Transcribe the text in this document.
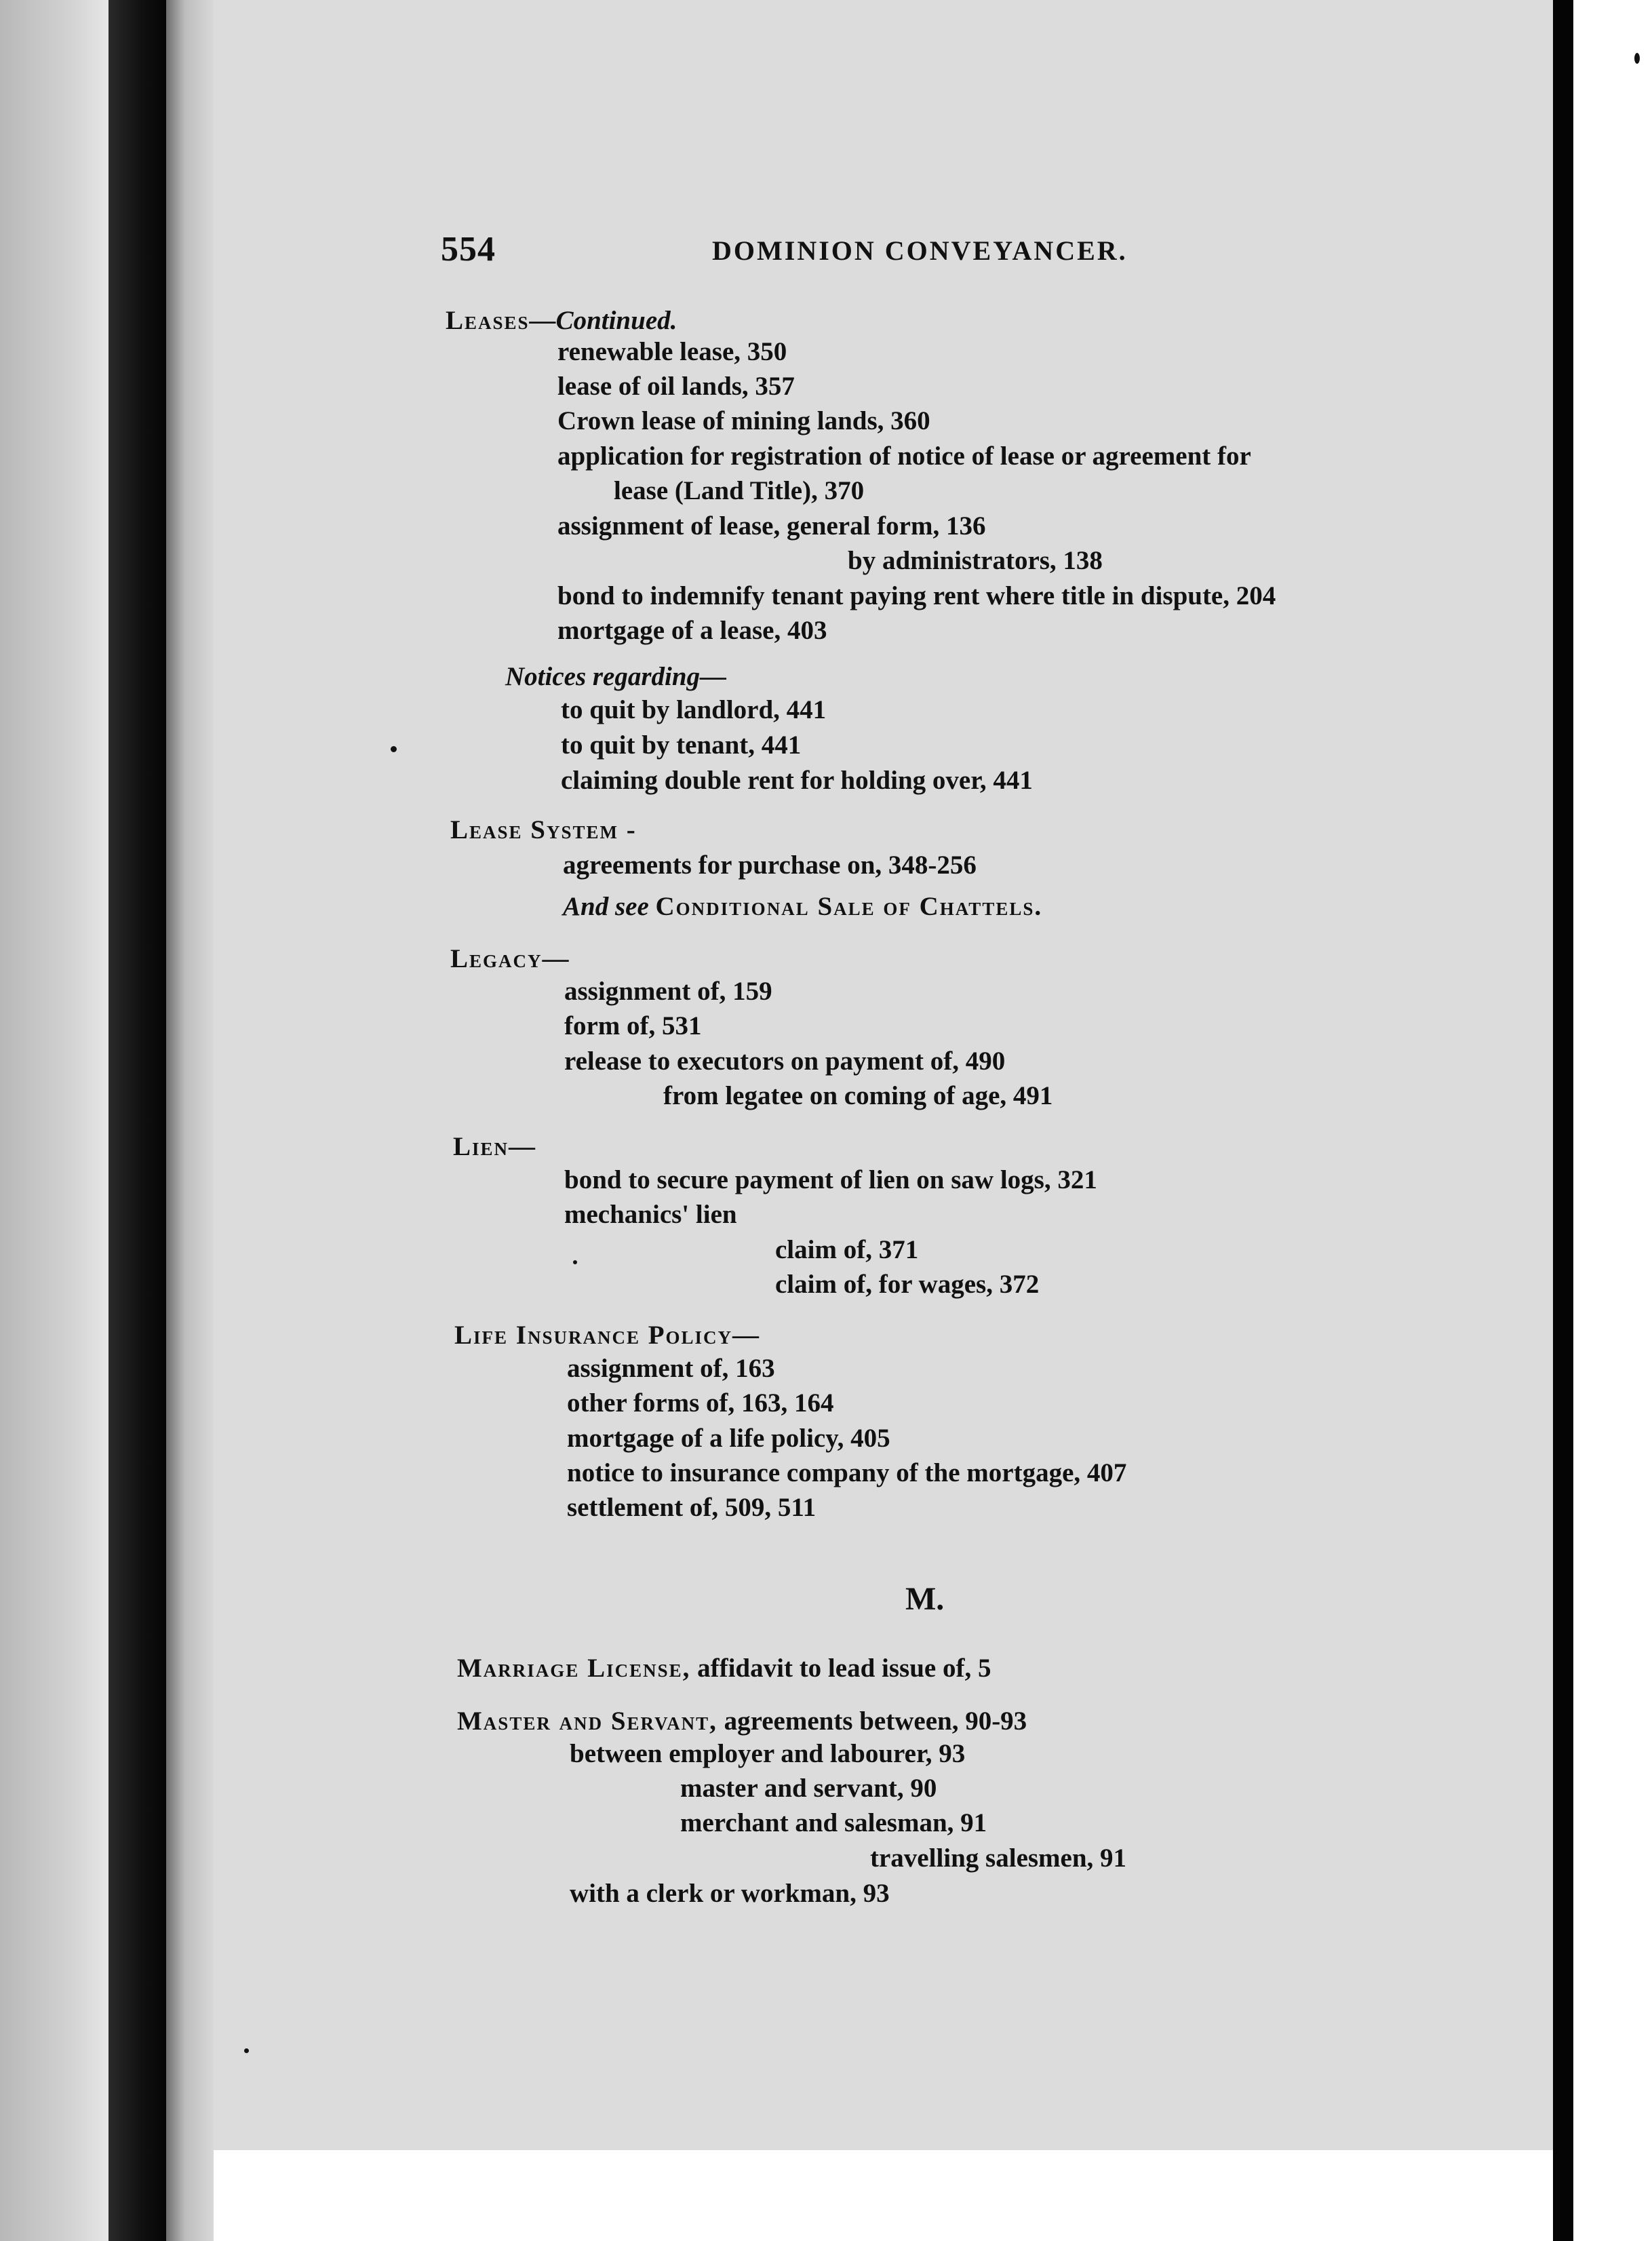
554	DOMINION CONVEYANCER.
Leases—Continued.
renewable lease, 350
lease of oil lands, 357
Crown lease of mining lands, 360
application for registration of notice of lease or agreement for
lease (Land Title), 370
assignment of lease, general form, 136
by administrators, 138
bond to indemnify tenant paying rent where title in dispute, 204
mortgage of a lease, 403
Notices regarding—
to quit by landlord, 441
to quit by tenant, 441
claiming double rent for holding over, 441
Lease System -
agreements for purchase on, 348-256
And see Conditional Sale of Chattels.
Legacy—
assignment of, 159
form of, 531
release to executors on payment of, 490
from legatee on coming of age, 491
Lien—
bond to secure payment of lien on saw logs, 321
mechanics' lien
claim of, 371
claim of, for wages, 372
Life Insurance Policy—
assignment of, 163
other forms of, 163, 164
mortgage of a life policy, 405
notice to insurance company of the mortgage, 407
settlement of, 509, 511
M.
Marriage License, affidavit to lead issue of, 5
Master and Servant, agreements between, 90-93
between employer and labourer, 93
master and servant, 90
merchant and salesman, 91
travelling salesmen, 91
with a clerk or workman, 93
